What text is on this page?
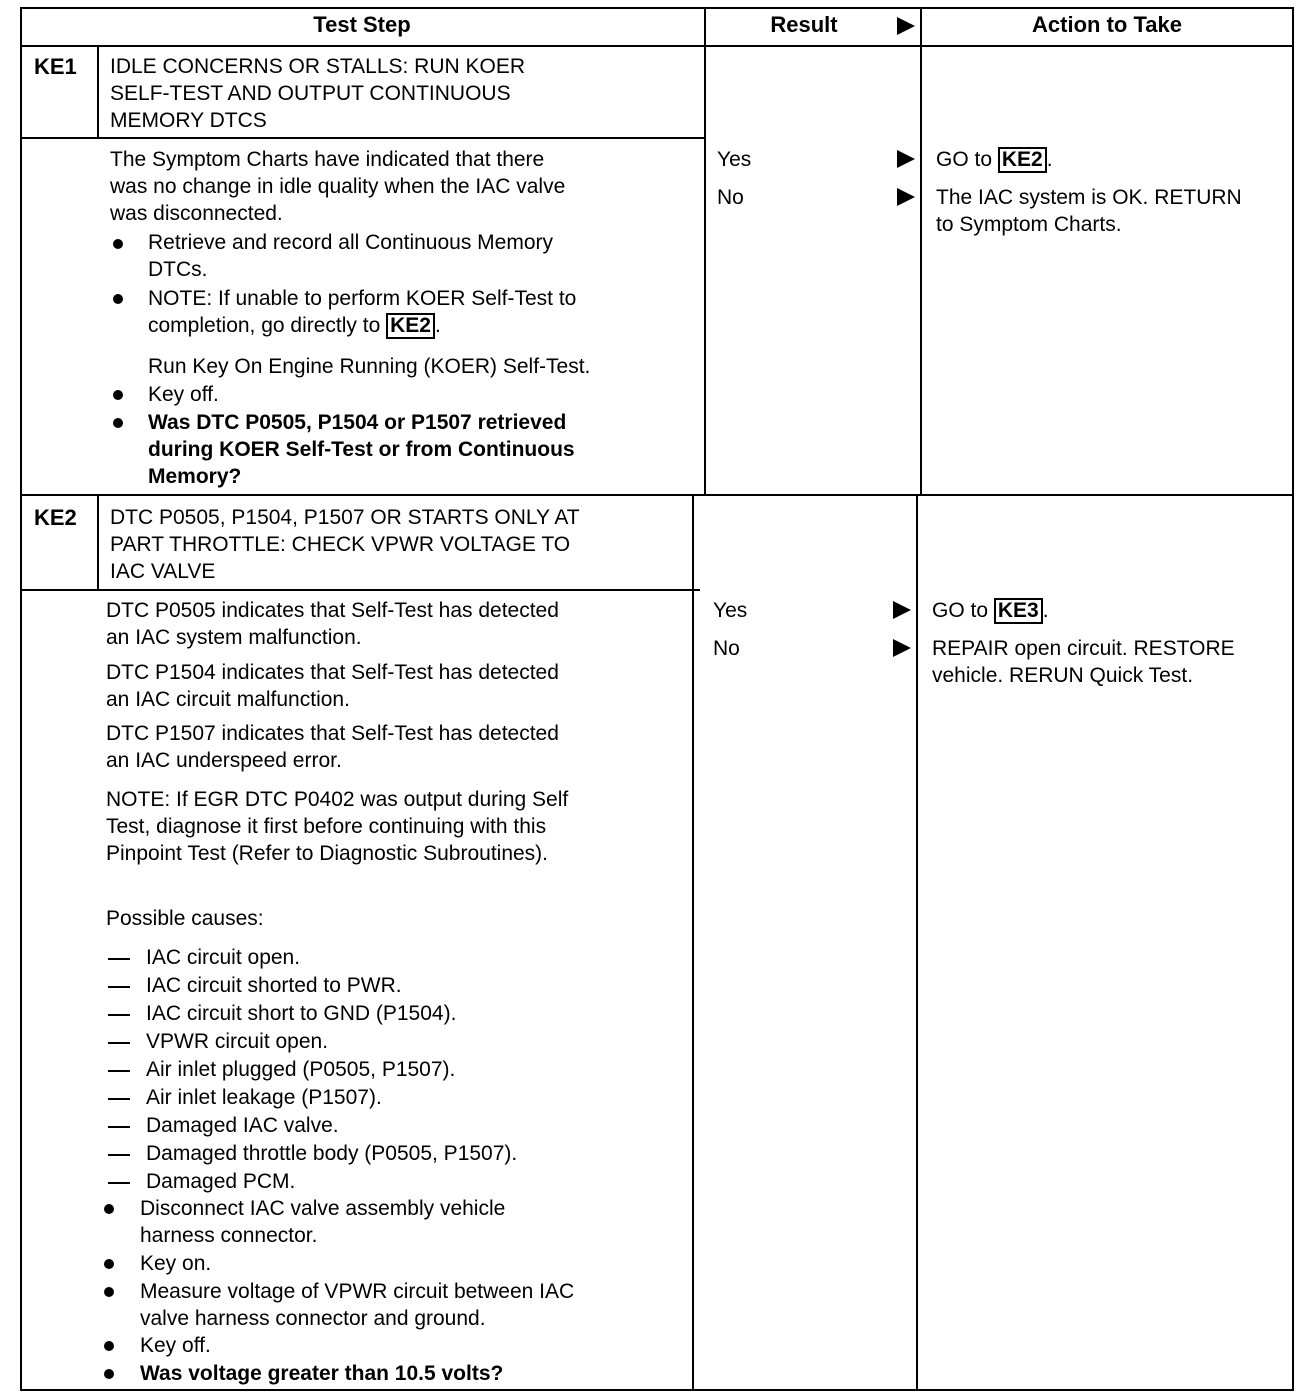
Test Step	Result	Action to Take
KE1 IDLE CONCERNS OR STALLS: RUN KOER
SELF-TEST AND OUTPUT CONTINUOUS
MEMORY DTCS
The Symptom Charts have indicated that there
was no change in idle quality when the IAC valve
was disconnected.
Retrieve and record all Continuous Memory
DTCs.
NOTE: If unable to perform KOER Self-Test to
completion, go directly to KE2 .
Run Key On Engine Running (KOER) Self-Test.
Key off.
Was DTC P0505, P1504 or P1507 retrieved
during KOER Self-Test or from Continuous
Memory?
Yes
No
GO to KE2 .
The IAC system is OK. RETURN
to Symptom Charts.
KE2 DTC P0505, P1504, P1507 OR STARTS ONLY AT
PART THROTTLE: CHECK VPWR VOLTAGE TO
IAC VALVE
DTC P0505 indicates that Self-Test has detected
an IAC system malfunction.
DTC P1504 indicates that Self-Test has detected
an IAC circuit malfunction.
DTC P1507 indicates that Self-Test has detected
an IAC underspeed error.
NOTE: If EGR DTC P0402 was output during Self
Test, diagnose it first before continuing with this
Pinpoint Test (Refer to Diagnostic Subroutines).
Possible causes:
IAC circuit open.
IAC circuit shorted to PWR.
IAC circuit short to GND (P1504).
VPWR circuit open.
Air inlet plugged (P0505, P1507).
Air inlet leakage (P1507).
Damaged IAC valve.
Damaged throttle body (P0505, P1507).
Damaged PCM.
Disconnect IAC valve assembly vehicle
harness connector.
Key on.
Measure voltage of VPWR circuit between IAC
valve harness connector and ground.
Key off.
Was voltage greater than 10.5 volts?
Yes
No
GO to KE3 .
REPAIR open circuit. RESTORE
vehicle. RERUN Quick Test.
